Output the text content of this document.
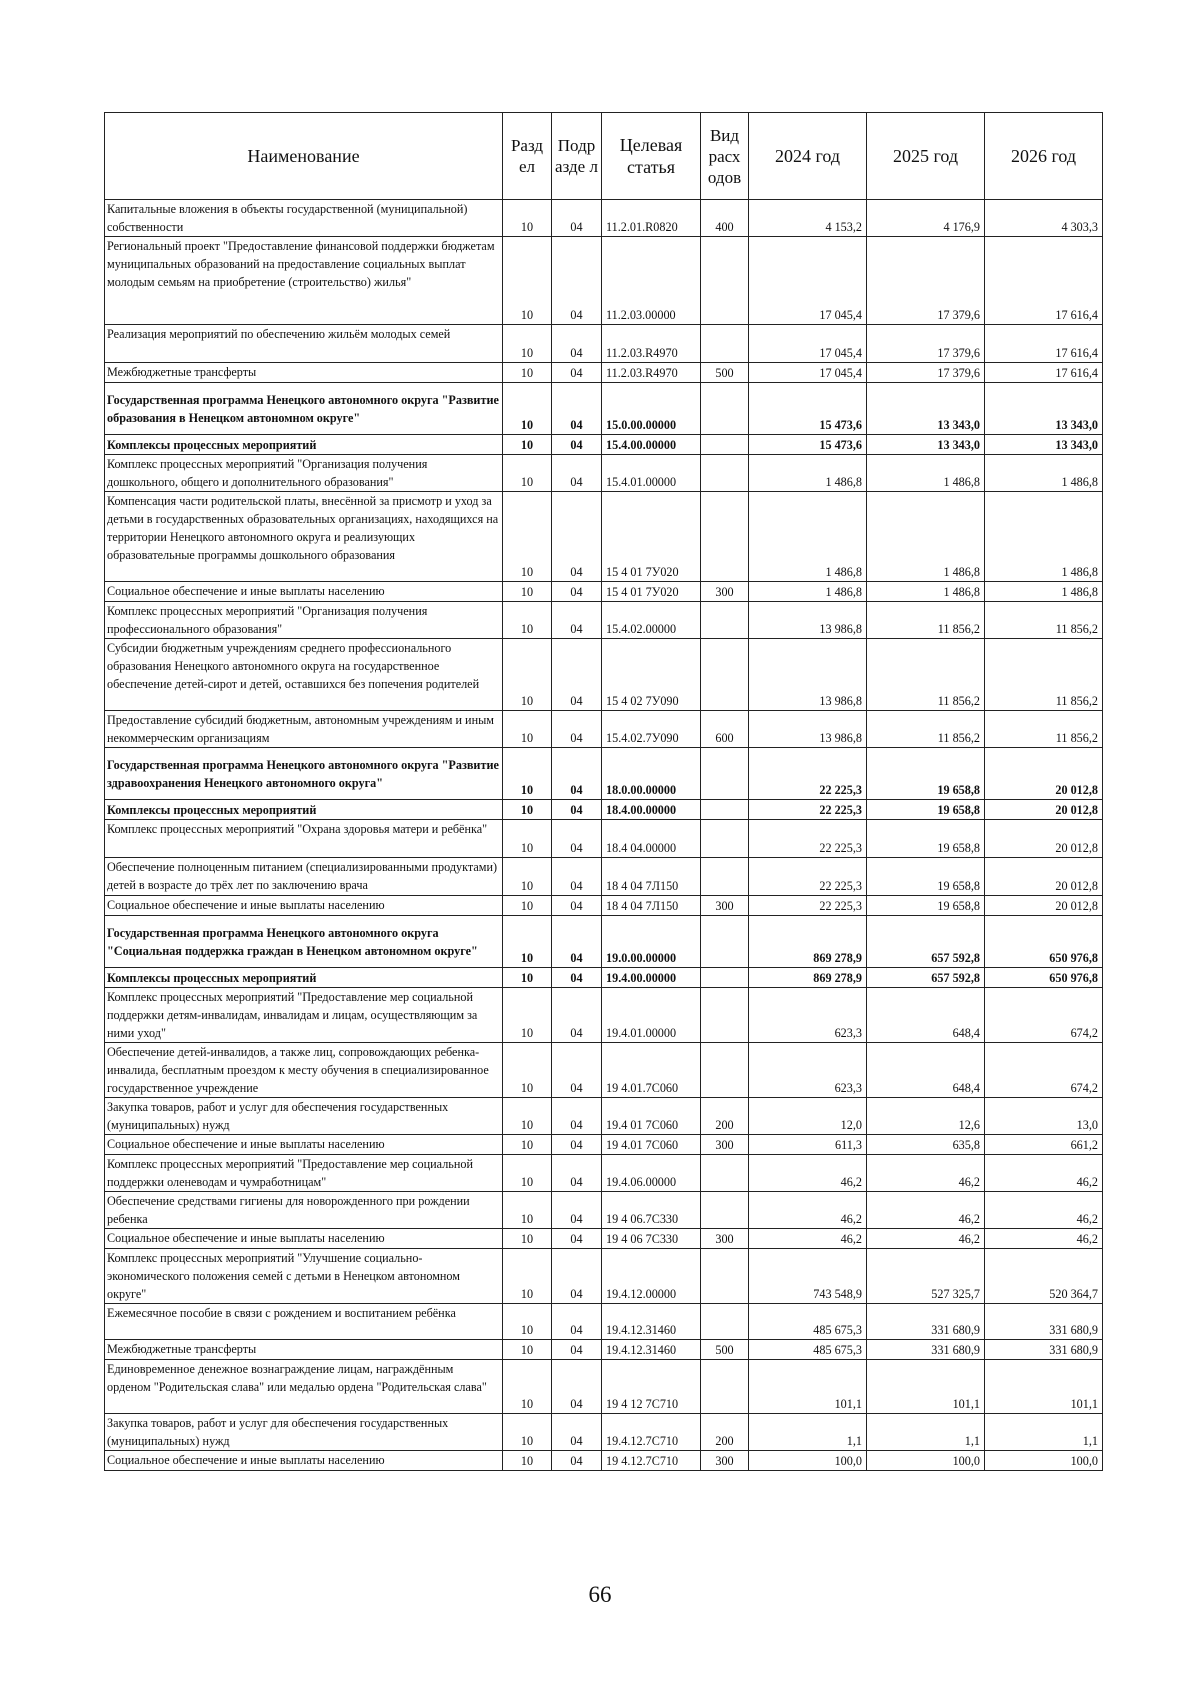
Наименование	Разд ел	Подр азде л	Целевая статья	Вид расх одов	2024 год	2025 год	2026 год
Капитальные вложения в объекты государственной (муниципальной) собственности	10	04	11.2.01.R0820	400	4 153,2	4 176,9	4 303,3
Региональный проект "Предоставление финансовой поддержки бюджетам муниципальных образований на предоставление социальных выплат молодым семьям на приобретение (строительство) жилья"	10	04	11.2.03.00000		17 045,4	17 379,6	17 616,4
Реализация мероприятий по обеспечению жильём молодых семей	10	04	11.2.03.R4970		17 045,4	17 379,6	17 616,4
Межбюджетные трансферты	10	04	11.2.03.R4970	500	17 045,4	17 379,6	17 616,4
Государственная программа Ненецкого автономного округа "Развитие образования в Ненецком автономном округе"	10	04	15.0.00.00000		15 473,6	13 343,0	13 343,0
Комплексы процессных мероприятий	10	04	15.4.00.00000		15 473,6	13 343,0	13 343,0
Комплекс процессных мероприятий "Организация получения дошкольного, общего и дополнительного образования"	10	04	15.4.01.00000		1 486,8	1 486,8	1 486,8
Компенсация части родительской платы, внесённой за присмотр и уход за детьми в государственных образовательных организациях, находящихся на территории Ненецкого автономного округа и реализующих образовательные программы дошкольного образования	10	04	15 4 01 7У020		1 486,8	1 486,8	1 486,8
Социальное обеспечение и иные выплаты населению	10	04	15 4 01 7У020	300	1 486,8	1 486,8	1 486,8
Комплекс процессных мероприятий "Организация получения профессионального образования"	10	04	15.4.02.00000		13 986,8	11 856,2	11 856,2
Субсидии бюджетным учреждениям среднего профессионального образования Ненецкого автономного округа на государственное обеспечение детей-сирот и детей, оставшихся без попечения родителей	10	04	15 4 02 7У090		13 986,8	11 856,2	11 856,2
Предоставление субсидий бюджетным, автономным учреждениям и иным некоммерческим организациям	10	04	15.4.02.7У090	600	13 986,8	11 856,2	11 856,2
Государственная программа Ненецкого автономного округа "Развитие здравоохранения Ненецкого автономного округа"	10	04	18.0.00.00000		22 225,3	19 658,8	20 012,8
Комплексы процессных мероприятий	10	04	18.4.00.00000		22 225,3	19 658,8	20 012,8
Комплекс процессных мероприятий "Охрана здоровья матери и ребёнка"	10	04	18.4 04.00000		22 225,3	19 658,8	20 012,8
Обеспечение полноценным питанием (специализированными продуктами) детей в возрасте до трёх лет по заключению врача	10	04	18 4 04 7Л150		22 225,3	19 658,8	20 012,8
Социальное обеспечение и иные выплаты населению	10	04	18 4 04 7Л150	300	22 225,3	19 658,8	20 012,8
Государственная программа Ненецкого автономного округа "Социальная поддержка граждан в Ненецком автономном округе"	10	04	19.0.00.00000		869 278,9	657 592,8	650 976,8
Комплексы процессных мероприятий	10	04	19.4.00.00000		869 278,9	657 592,8	650 976,8
Комплекс процессных мероприятий "Предоставление мер социальной поддержки детям-инвалидам, инвалидам и лицам, осуществляющим за ними уход"	10	04	19.4.01.00000		623,3	648,4	674,2
Обеспечение детей-инвалидов, а также лиц, сопровождающих ребенка-инвалида, бесплатным проездом к месту обучения в специализированное государственное учреждение	10	04	19 4.01.7С060		623,3	648,4	674,2
Закупка товаров, работ и услуг для обеспечения государственных (муниципальных) нужд	10	04	19.4 01 7С060	200	12,0	12,6	13,0
Социальное обеспечение и иные выплаты населению	10	04	19 4.01 7С060	300	611,3	635,8	661,2
Комплекс процессных мероприятий "Предоставление мер социальной поддержки оленеводам и чумработницам"	10	04	19.4.06.00000		46,2	46,2	46,2
Обеспечение средствами гигиены для новорожденного при рождении ребенка	10	04	19 4 06.7С330		46,2	46,2	46,2
Социальное обеспечение и иные выплаты населению	10	04	19 4 06 7С330	300	46,2	46,2	46,2
Комплекс процессных мероприятий "Улучшение социально-экономического положения семей с детьми в Ненецком автономном округе"	10	04	19.4.12.00000		743 548,9	527 325,7	520 364,7
Ежемесячное пособие в связи с рождением и воспитанием ребёнка	10	04	19.4.12.31460		485 675,3	331 680,9	331 680,9
Межбюджетные трансферты	10	04	19.4.12.31460	500	485 675,3	331 680,9	331 680,9
Единовременное денежное вознаграждение лицам, награждённым орденом "Родительская слава" или медалью ордена "Родительская слава"	10	04	19 4 12 7С710		101,1	101,1	101,1
Закупка товаров, работ и услуг для обеспечения государственных (муниципальных) нужд	10	04	19.4.12.7С710	200	1,1	1,1	1,1
Социальное обеспечение и иные выплаты населению	10	04	19 4.12.7С710	300	100,0	100,0	100,0
66
